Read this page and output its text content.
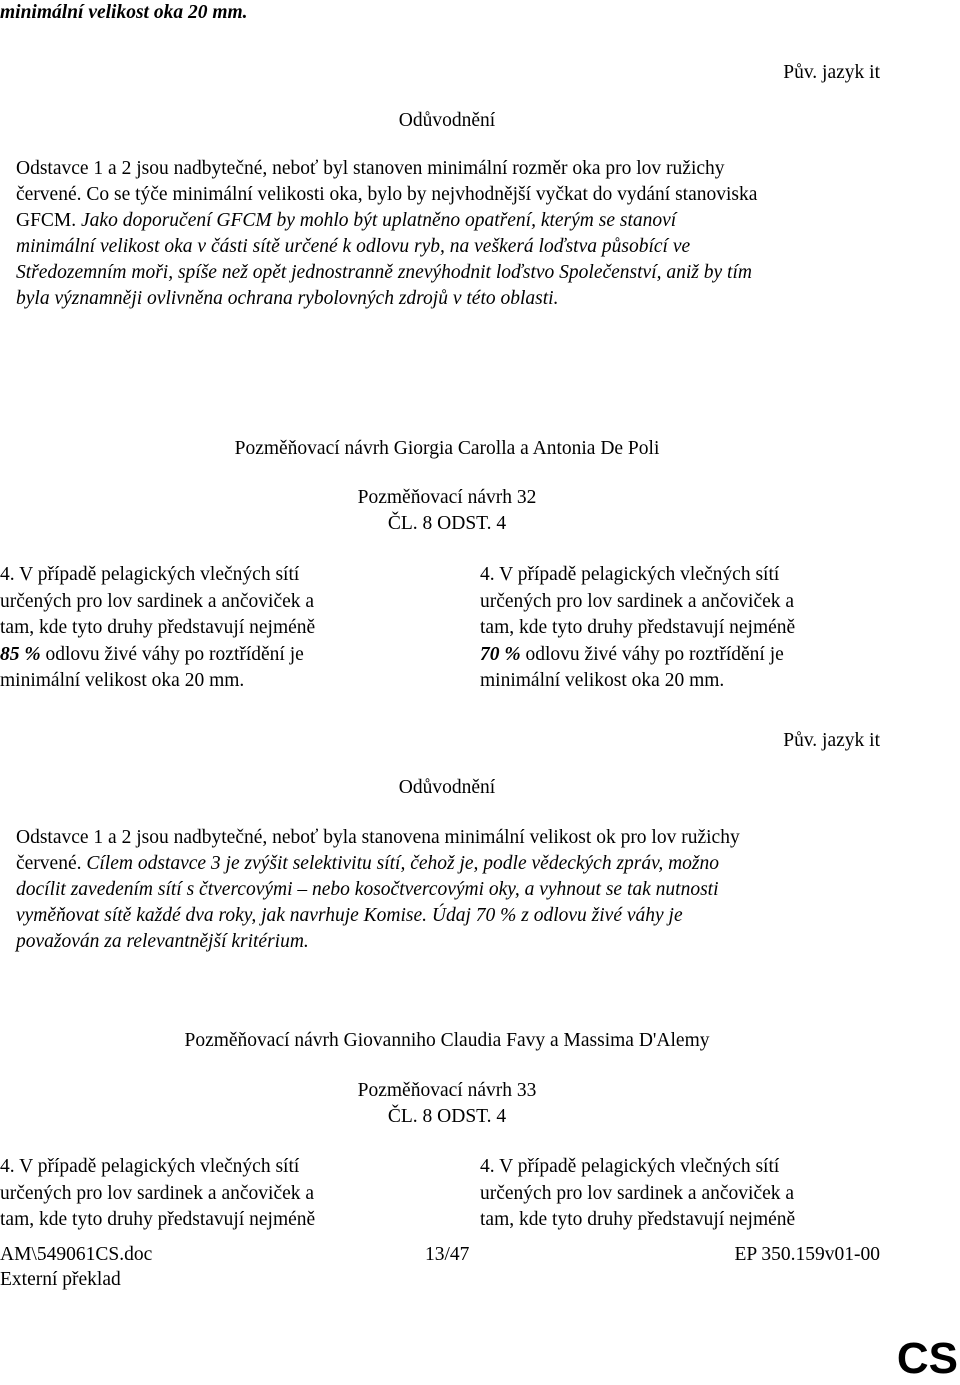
minimální velikost oka 20 mm.
Pův. jazyk it
Odůvodnění
Odstavce 1 a 2 jsou nadbytečné, neboť byl stanoven minimální rozměr oka pro lov ružichy
červené. Co se týče minimální velikosti oka, bylo by nejvhodnější vyčkat do vydání stanoviska
GFCM. Jako doporučení GFCM by mohlo být uplatněno opatření, kterým se stanoví
minimální velikost oka v části sítě určené k odlovu ryb, na veškerá loďstva působící ve
Středozemním moři, spíše než opět jednostranně znevýhodnit loďstvo Společenství, aniž by tím
byla významněji ovlivněna ochrana rybolovných zdrojů v této oblasti.
Pozměňovací návrh Giorgia Carolla a Antonia De Poli
Pozměňovací návrh 32
ČL. 8 ODST. 4
4. V případě pelagických vlečných sítí
určených pro lov sardinek a ančoviček a
tam, kde tyto druhy představují nejméně
85 % odlovu živé váhy po roztřídění je
minimální velikost oka 20 mm.
4. V případě pelagických vlečných sítí
určených pro lov sardinek a ančoviček a
tam, kde tyto druhy představují nejméně
70 % odlovu živé váhy po roztřídění je
minimální velikost oka 20 mm.
Pův. jazyk it
Odůvodnění
Odstavce 1 a 2 jsou nadbytečné, neboť byla stanovena minimální velikost ok pro lov ružichy
červené. Cílem odstavce 3 je zvýšit selektivitu sítí, čehož je, podle vědeckých zpráv, možno
docílit zavedením sítí s čtvercovými – nebo kosočtvercovými oky, a vyhnout se tak nutnosti
vyměňovat sítě každé dva roky, jak navrhuje Komise. Údaj 70 % z odlovu živé váhy je
považován za relevantnější kritérium.
Pozměňovací návrh Giovanniho Claudia Favy a Massima D'Alemy
Pozměňovací návrh 33
ČL. 8 ODST. 4
4. V případě pelagických vlečných sítí
určených pro lov sardinek a ančoviček a
tam, kde tyto druhy představují nejméně
4. V případě pelagických vlečných sítí
určených pro lov sardinek a ančoviček a
tam, kde tyto druhy představují nejméně
AM\549061CS.doc	13/47	EP 350.159v01-00
Externí překlad
CS
